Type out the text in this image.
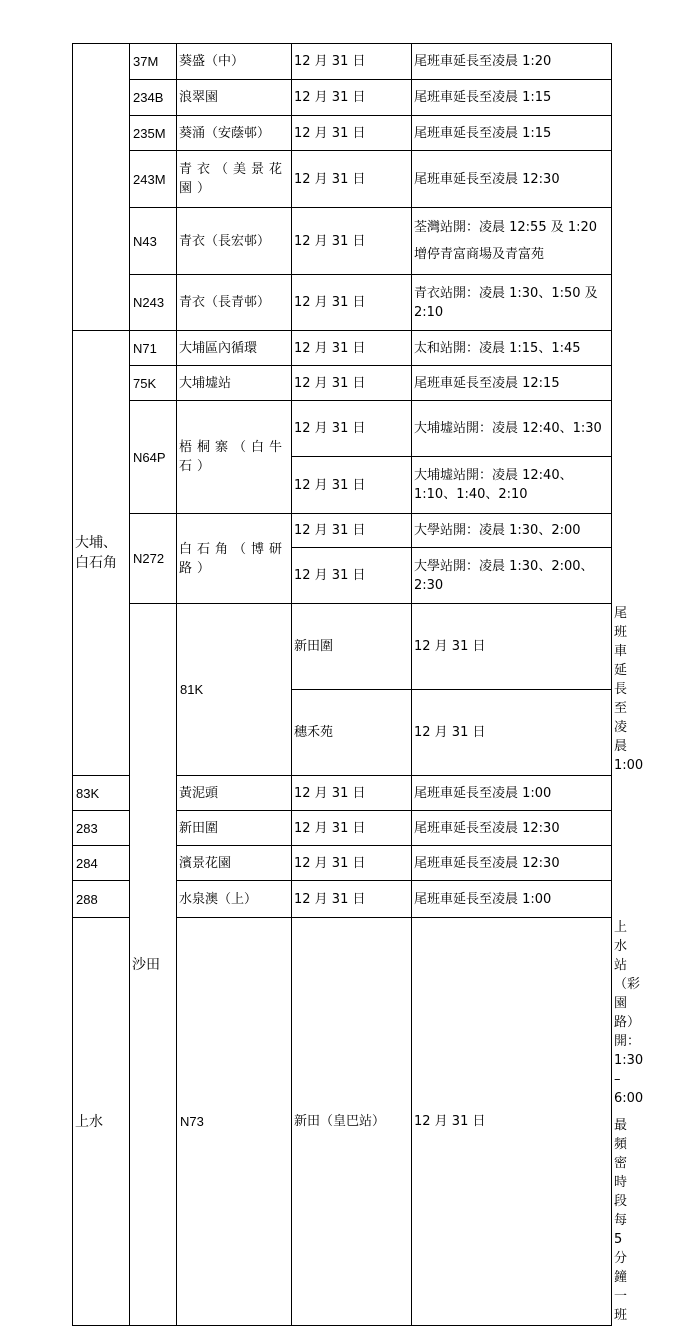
	37M	葵盛（中）	12 月 31 日	尾班車延長至凌晨 1:20	
	234B	浪翠園	12 月 31 日	尾班車延長至凌晨 1:15	
	235M	葵涌（安蔭邨）	12 月 31 日	尾班車延長至凌晨 1:15	
	243M	青衣（美景花園）	12 月 31 日	尾班車延長至凌晨 12:30	
	N43	青衣（長宏邨）	12 月 31 日	荃灣站開：凌晨 12:55 及 1:20

增停青富商場及青富苑	

	N243	青衣（長青邨）	12 月 31 日	青衣站開：凌晨 1:30、1:50 及 2:10	
大埔、白石角	N71	大埔區內循環	12 月 31 日	太和站開：凌晨 1:15、1:45	
	75K	大埔墟站	12 月 31 日	尾班車延長至凌晨 12:15	
	N64P	梧桐寨（白牛石）	12 月 31 日	大埔墟站開：凌晨 12:40、1:30	
			12 月 31 日	大埔墟站開：凌晨 12:40、1:10、1:40、2:10	
	N272	白石角（博研路）	12 月 31 日	大學站開：凌晨 1:30、2:00	
			12 月 31 日	大學站開：凌晨 1:30、2:00、2:30	
	沙田	81K	新田圍	12 月 31 日	尾班車延長至凌晨 1:00
			穗禾苑	12 月 31 日	
83K		黃泥頭	12 月 31 日	尾班車延長至凌晨 1:00	
283		新田圍	12 月 31 日	尾班車延長至凌晨 12:30	
284		濱景花園	12 月 31 日	尾班車延長至凌晨 12:30	
288		水泉澳（上）	12 月 31 日	尾班車延長至凌晨 1:00	
上水		N73	新田（皇巴站）	12 月 31 日	上水站（彩園路）開：1:30 – 6:00

最頻密時段每 5 分鐘一班
